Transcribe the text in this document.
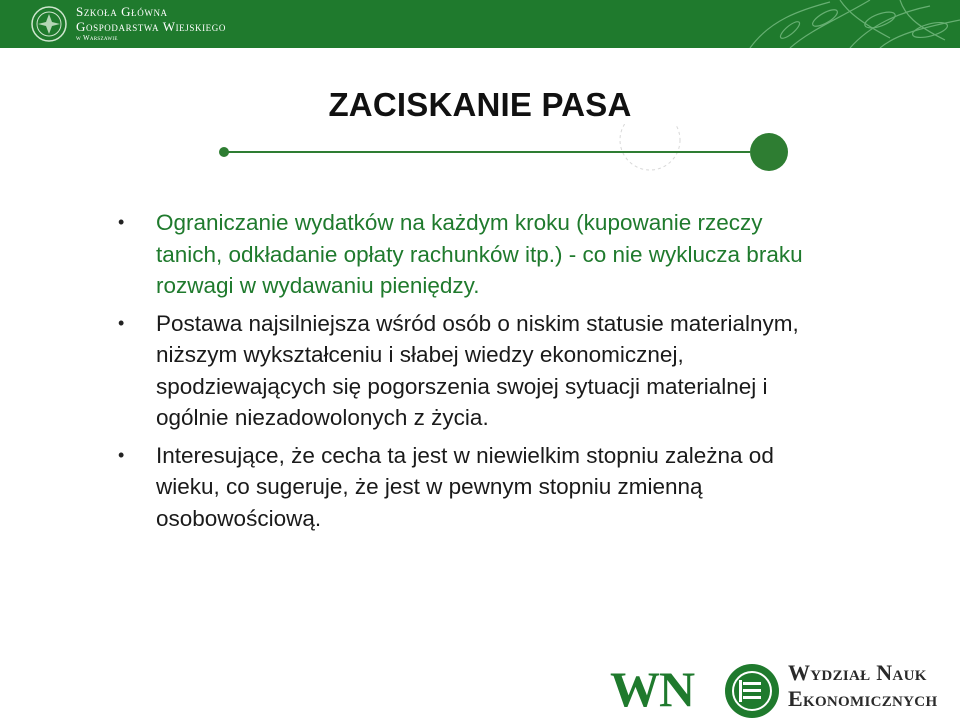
Szkoła Główna
Gospodarstwa Wiejskiego
w Warszawie
ZACISKANIE PASA
• Ograniczanie wydatków na każdym kroku (kupowanie rzeczy tanich, odkładanie opłaty rachunków itp.) - co nie wyklucza braku rozwagi w wydawaniu pieniędzy.
• Postawa najsilniejsza wśród osób o niskim statusie materialnym, niższym wykształceniu i słabej wiedzy ekonomicznej, spodziewających się pogorszenia swojej sytuacji materialnej i ogólnie niezadowolonych z życia.
• Interesujące, że cecha ta jest w niewielkim stopniu zależna od wieku, co sugeruje, że jest w pewnym stopniu zmienną osobowościową.
WN	Wydział Nauk
Ekonomicznych
